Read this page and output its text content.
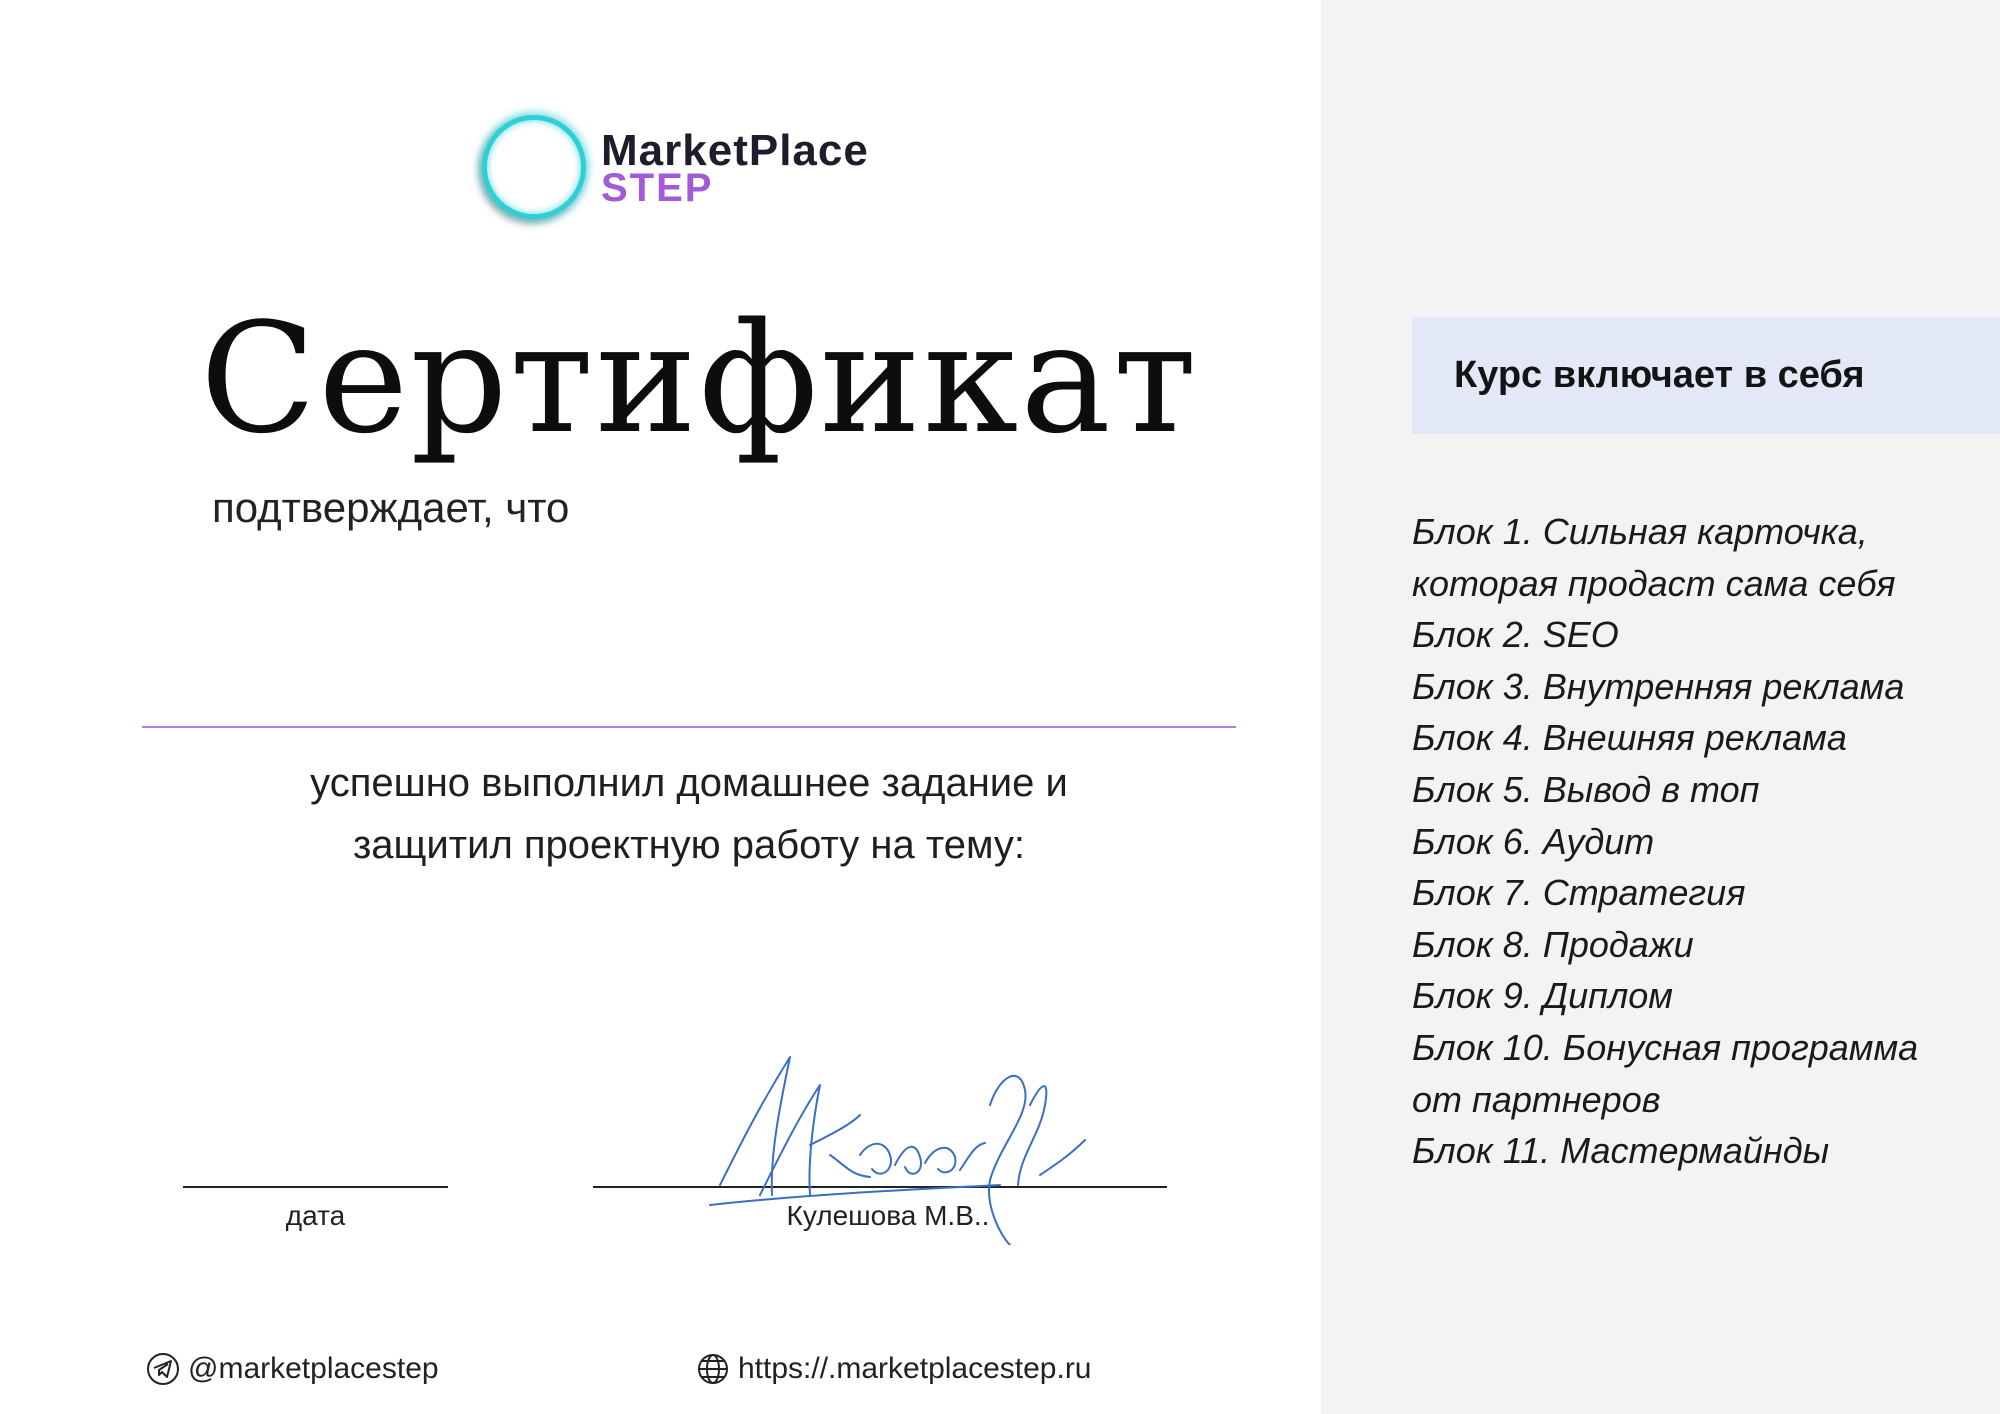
MarketPlace
STEP
Сертификат
подтверждает, что
успешно выполнил домашнее задание и
защитил проектную работу на тему:
дата	Кулешова М.В..
@marketplacestep	https://.marketplacestep.ru
Курс включает в себя
Блок 1. Сильная карточка, которая продаст сама себя
Блок 2. SEO
Блок 3. Внутренняя реклама
Блок 4. Внешняя реклама
Блок 5. Вывод в топ
Блок 6. Аудит
Блок 7. Стратегия
Блок 8. Продажи
Блок 9. Диплом
Блок 10. Бонусная программа от партнеров
Блок 11. Мастермайнды
